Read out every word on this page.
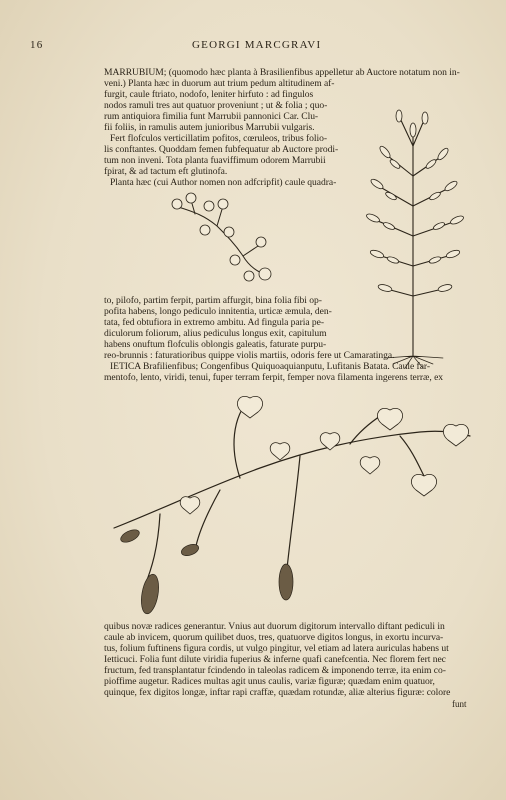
16	GEORGI MARCGRAVI
MARRUBIUM; (quomodo hæc planta à Brasilienfibus appelletur ab Auctore notatum non in-
veni.) Planta hæc in duorum aut trium pedum altitudinem af-
furgit, caule ftriato, nodofo, leniter hirfuto : ad fingulos
nodos ramuli tres aut quatuor proveniunt ; ut & folia ; quo-
rum antiquiora fimilia funt Marrubii pannonici Car. Clu-
fii foliis, in ramulis autem junioribus Marrubii vulgaris.
Fert flofculos verticillatim pofitos, cœruleos, tribus folio-
lis conftantes. Quoddam femen fubfequatur ab Auctore prodi-
tum non inveni. Tota planta fuaviffimum odorem Marrubii
fpirat, & ad tactum eft glutinofa.
Planta hæc (cui Author nomen non adfcripfit) caule quadra-
to, pilofo, partim ferpit, partim affurgit, bina folia fibi op-
pofita habens, longo pediculo innitentia, urticæ æmula, den-
tata, fed obtufiora in extremo ambitu. Ad fingula paria pe-
diculorum foliorum, alius pediculus longus exit, capitulum
habens onuftum flofculis oblongis galeatis, faturate purpu-
reo-brunnis : faturatioribus quippe violis martiis, odoris fere ut Camaratinga.
IETICA Brafilienfibus; Congenfibus Quiquoaquianputu, Lufitanis Batata. Caule far-
mentofo, lento, viridi, tenui, fuper terram ferpit, femper nova filamenta ingerens terræ, ex
quibus novæ radices generantur. Vnius aut duorum digitorum intervallo diftant pediculi in
caule ab invicem, quorum quilibet duos, tres, quatuorve digitos longus, in exortu incurva-
tus, folium fuftinens figura cordis, ut vulgo pingitur, vel etiam ad latera auriculas habens ut
Ietticuci. Folia funt dilute viridia fuperius & inferne quafi canefcentia. Nec florem fert nec
fructum, fed transplantatur fcindendo in taleolas radicem & imponendo terræ, ita enim co-
pioffime augetur. Radices multas agit unus caulis, variæ figuræ; quædam enim quatuor,
quinque, fex digitos longæ, inftar rapi craffæ, quædam rotundæ, aliæ alterius figuræ: colore
funt
